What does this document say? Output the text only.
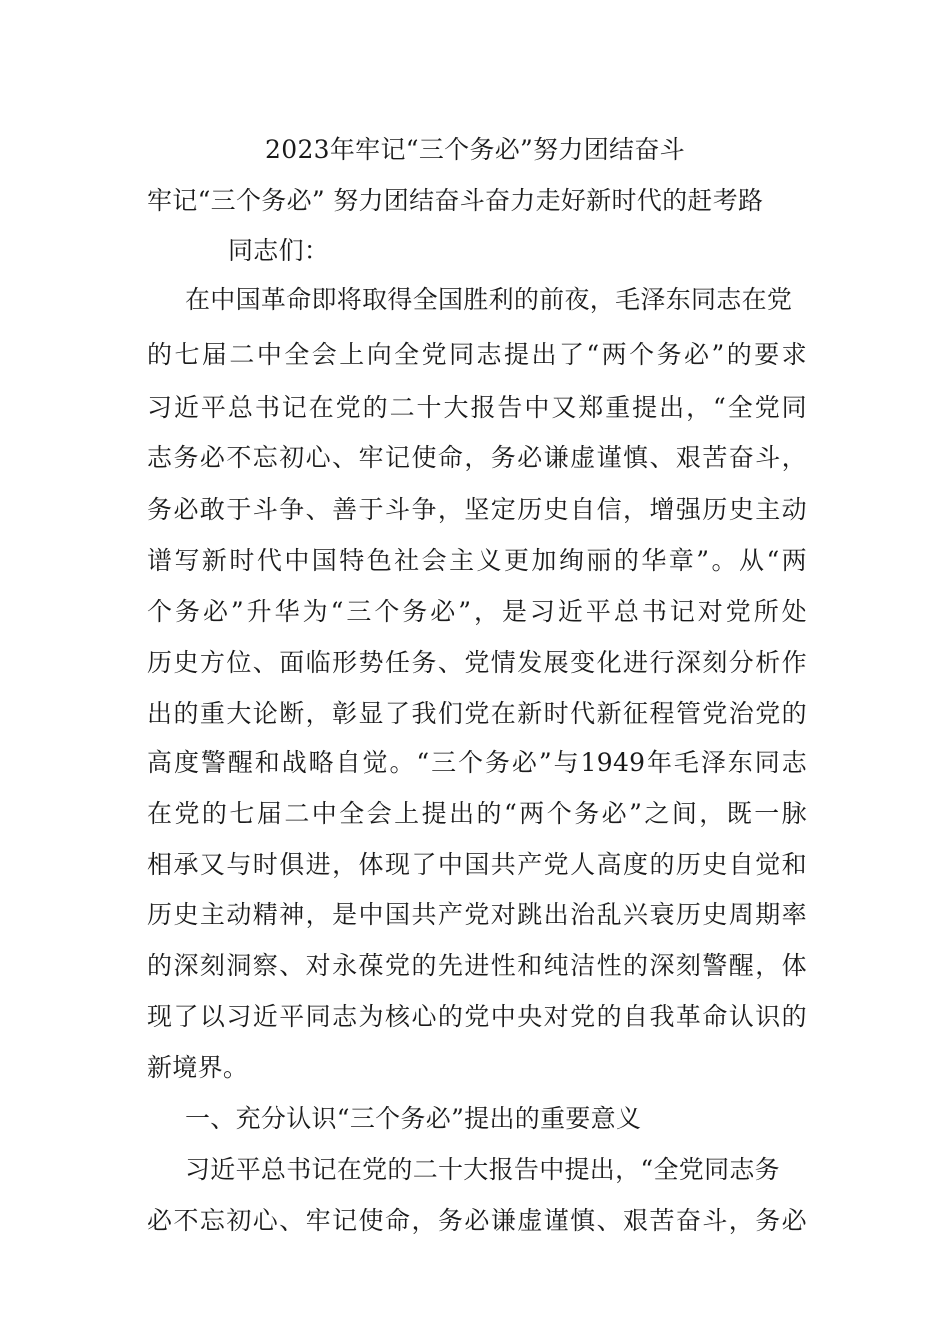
2023年牢记“三个务必”努力团结奋斗
牢记“三个务必” 努力团结奋斗奋力走好新时代的赶考路
同志们：
在中国革命即将取得全国胜利的前夜，毛泽东同志在党
的七届二中全会上向全党同志提出了“两个务必”的要求
习近平总书记在党的二十大报告中又郑重提出，“全党同
志务必不忘初心、牢记使命，务必谦虚谨慎、艰苦奋斗，
务必敢于斗争、善于斗争，坚定历史自信，增强历史主动
谱写新时代中国特色社会主义更加绚丽的华章”。从“两
个务必”升华为“三个务必”，是习近平总书记对党所处
历史方位、面临形势任务、党情发展变化进行深刻分析作
出的重大论断，彰显了我们党在新时代新征程管党治党的
高度警醒和战略自觉。“三个务必”与1949年毛泽东同志
在党的七届二中全会上提出的“两个务必”之间，既一脉
相承又与时俱进，体现了中国共产党人高度的历史自觉和
历史主动精神，是中国共产党对跳出治乱兴衰历史周期率
的深刻洞察、对永葆党的先进性和纯洁性的深刻警醒，体
现了以习近平同志为核心的党中央对党的自我革命认识的
新境界。
一、充分认识“三个务必”提出的重要意义
习近平总书记在党的二十大报告中提出，“全党同志务
必不忘初心、牢记使命，务必谦虚谨慎、艰苦奋斗，务必
